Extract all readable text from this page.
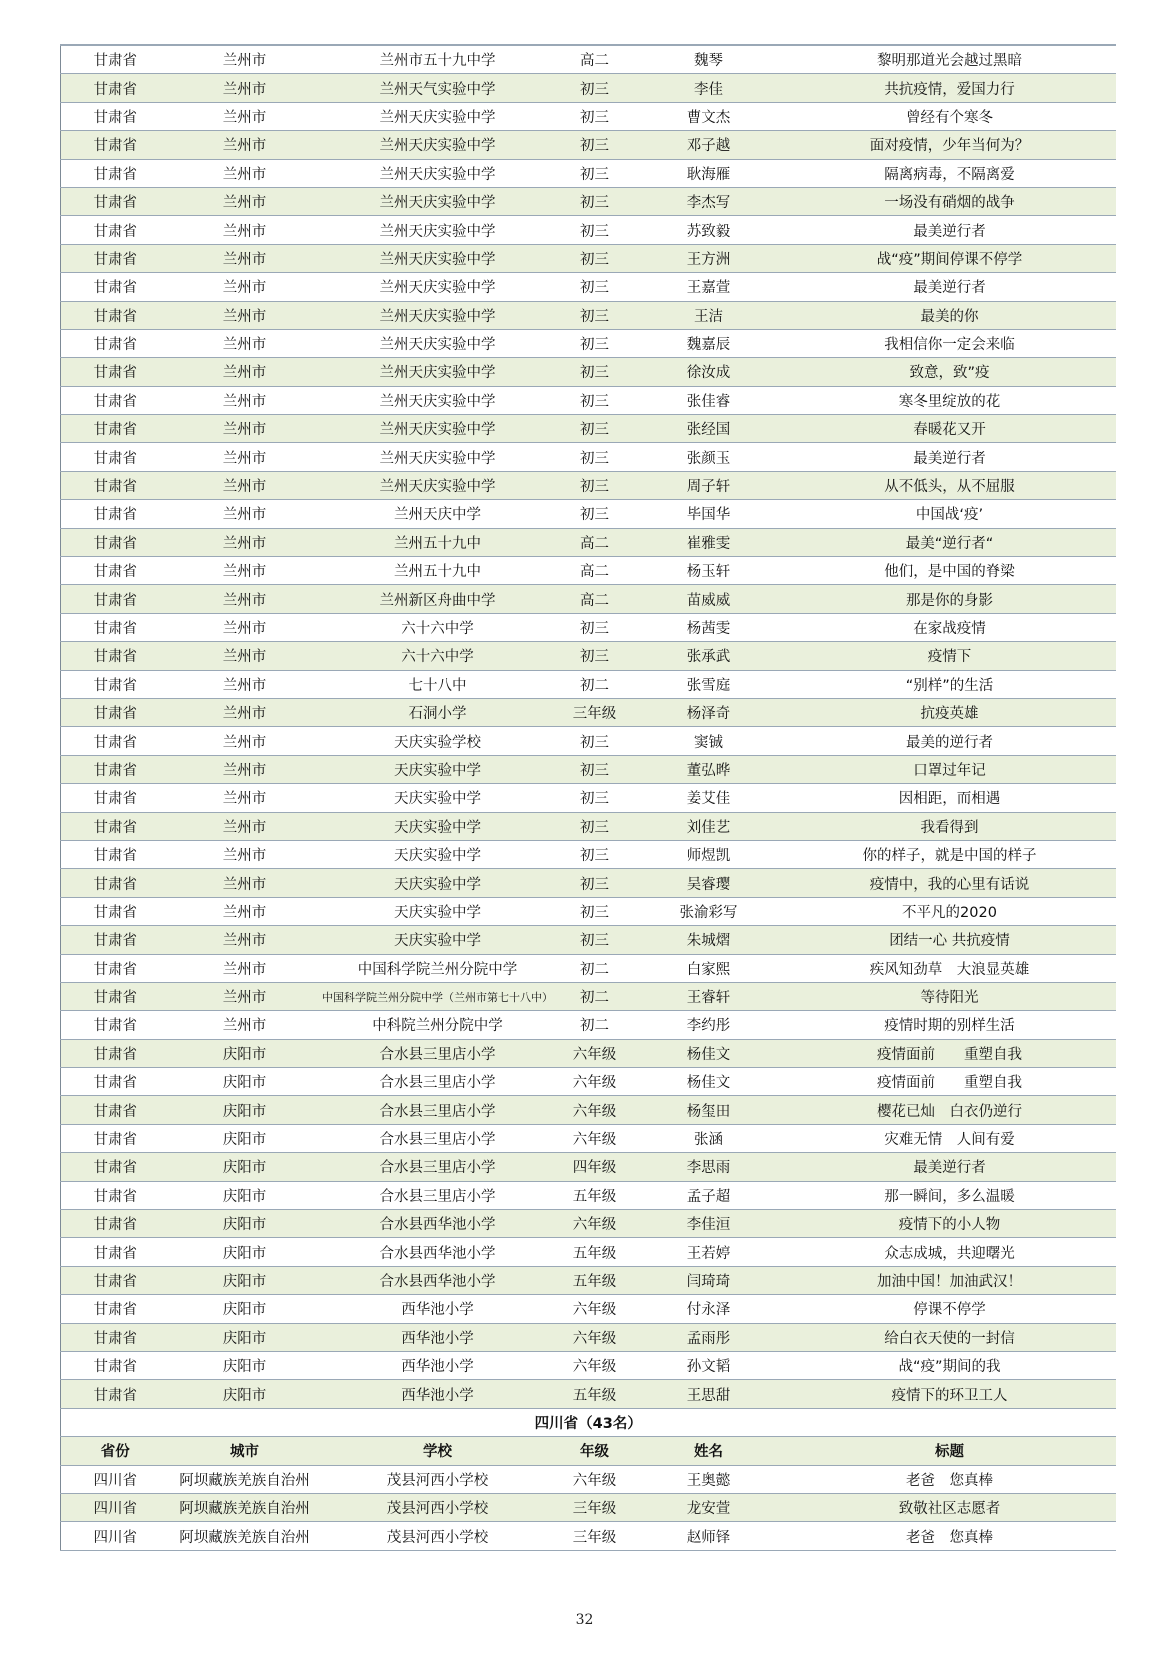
甘肃省	兰州市	兰州市五十九中学	高二	魏琴	黎明那道光会越过黑暗
甘肃省	兰州市	兰州天气实验中学	初三	李佳	共抗疫情，爱国力行
甘肃省	兰州市	兰州天庆实验中学	初三	曹文杰	曾经有个寒冬
甘肃省	兰州市	兰州天庆实验中学	初三	邓子越	面对疫情，少年当何为？
甘肃省	兰州市	兰州天庆实验中学	初三	耿海雁	隔离病毒，不隔离爱
甘肃省	兰州市	兰州天庆实验中学	初三	李杰写	一场没有硝烟的战争
甘肃省	兰州市	兰州天庆实验中学	初三	苏致毅	最美逆行者
甘肃省	兰州市	兰州天庆实验中学	初三	王方洲	战“疫”期间停课不停学
甘肃省	兰州市	兰州天庆实验中学	初三	王嘉萱	最美逆行者
甘肃省	兰州市	兰州天庆实验中学	初三	王洁	最美的你
甘肃省	兰州市	兰州天庆实验中学	初三	魏嘉辰	我相信你一定会来临
甘肃省	兰州市	兰州天庆实验中学	初三	徐汝成	致意，致”疫
甘肃省	兰州市	兰州天庆实验中学	初三	张佳睿	寒冬里绽放的花
甘肃省	兰州市	兰州天庆实验中学	初三	张经国	春暖花又开
甘肃省	兰州市	兰州天庆实验中学	初三	张颜玉	最美逆行者
甘肃省	兰州市	兰州天庆实验中学	初三	周子轩	从不低头，从不屈服
甘肃省	兰州市	兰州天庆中学	初三	毕国华	中国战‘疫’
甘肃省	兰州市	兰州五十九中	高二	崔雅雯	最美“逆行者“
甘肃省	兰州市	兰州五十九中	高二	杨玉轩	他们，是中国的脊梁
甘肃省	兰州市	兰州新区舟曲中学	高二	苗威威	那是你的身影
甘肃省	兰州市	六十六中学	初三	杨茜雯	在家战疫情
甘肃省	兰州市	六十六中学	初三	张承武	疫情下
甘肃省	兰州市	七十八中	初二	张雪庭	“别样”的生活
甘肃省	兰州市	石洞小学	三年级	杨泽奇	抗疫英雄
甘肃省	兰州市	天庆实验学校	初三	窦铖	最美的逆行者
甘肃省	兰州市	天庆实验中学	初三	董弘晔	口罩过年记
甘肃省	兰州市	天庆实验中学	初三	姜艾佳	因相距，而相遇
甘肃省	兰州市	天庆实验中学	初三	刘佳艺	我看得到
甘肃省	兰州市	天庆实验中学	初三	师煜凯	你的样子，就是中国的样子
甘肃省	兰州市	天庆实验中学	初三	吴睿璎	疫情中，我的心里有话说
甘肃省	兰州市	天庆实验中学	初三	张渝彩写	不平凡的2020
甘肃省	兰州市	天庆实验中学	初三	朱城熠	团结一心 共抗疫情
甘肃省	兰州市	中国科学院兰州分院中学	初二	白家熙	疾风知劲草　大浪显英雄
甘肃省	兰州市	中国科学院兰州分院中学（兰州市第七十八中）	初二	王睿轩	等待阳光
甘肃省	兰州市	中科院兰州分院中学	初二	李约彤	疫情时期的别样生活
甘肃省	庆阳市	合水县三里店小学	六年级	杨佳文	疫情面前　　重塑自我
甘肃省	庆阳市	合水县三里店小学	六年级	杨佳文	疫情面前　　重塑自我
甘肃省	庆阳市	合水县三里店小学	六年级	杨玺田	樱花已灿　白衣仍逆行
甘肃省	庆阳市	合水县三里店小学	六年级	张涵	灾难无情　人间有爱
甘肃省	庆阳市	合水县三里店小学	四年级	李思雨	最美逆行者
甘肃省	庆阳市	合水县三里店小学	五年级	孟子超	那一瞬间，多么温暖
甘肃省	庆阳市	合水县西华池小学	六年级	李佳洹	疫情下的小人物
甘肃省	庆阳市	合水县西华池小学	五年级	王若婷	众志成城，共迎曙光
甘肃省	庆阳市	合水县西华池小学	五年级	闫琦琦	加油中国！加油武汉！
甘肃省	庆阳市	西华池小学	六年级	付永泽	停课不停学
甘肃省	庆阳市	西华池小学	六年级	孟雨彤	给白衣天使的一封信
甘肃省	庆阳市	西华池小学	六年级	孙文韬	战“疫”期间的我
甘肃省	庆阳市	西华池小学	五年级	王思甜	疫情下的环卫工人
四川省（43名）					
省份	城市	学校	年级	姓名	标题
四川省	阿坝藏族羌族自治州	茂县河西小学校	六年级	王奥懿	老爸　您真棒
四川省	阿坝藏族羌族自治州	茂县河西小学校	三年级	龙安萱	致敬社区志愿者
四川省	阿坝藏族羌族自治州	茂县河西小学校	三年级	赵师铎	老爸　您真棒
32
